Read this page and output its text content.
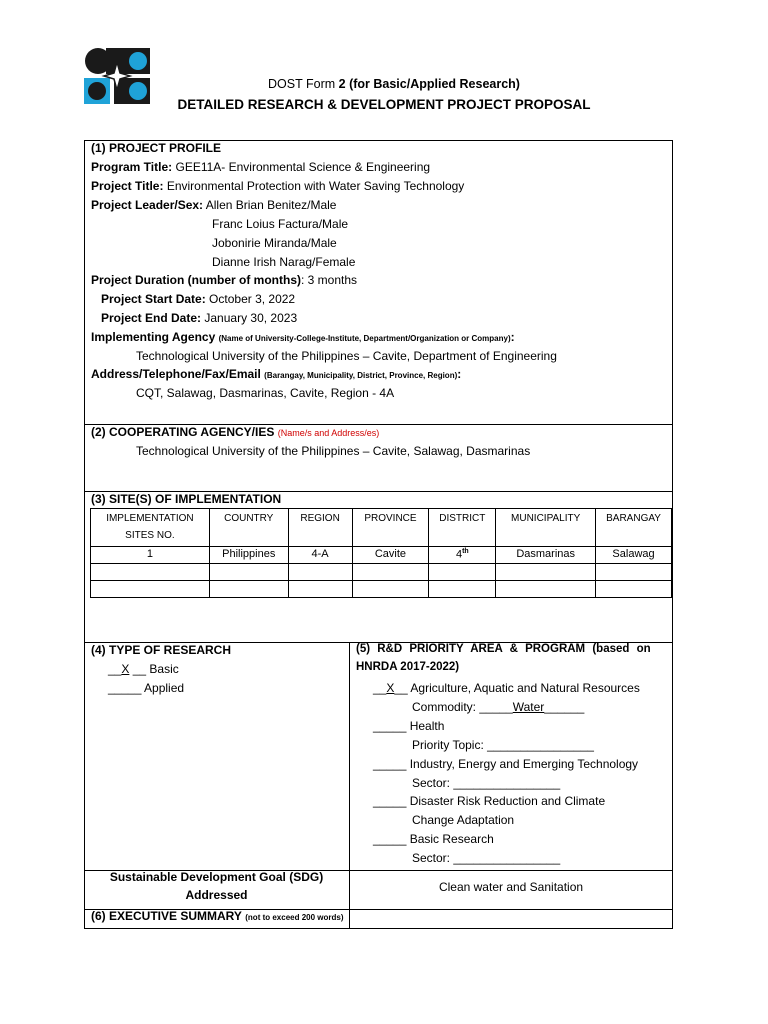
DOST Form 2 (for Basic/Applied Research)
DETAILED RESEARCH & DEVELOPMENT PROJECT PROPOSAL
(1) PROJECT PROFILE
Program Title: GEE11A- Environmental Science & Engineering
Project Title: Environmental Protection with Water Saving Technology
Project Leader/Sex: Allen Brian Benitez/Male
Franc Loius Factura/Male
Jobonirie Miranda/Male
Dianne Irish Narag/Female
Project Duration (number of months): 3 months
Project Start Date: October 3, 2022
Project End Date: January 30, 2023
Implementing Agency (Name of University-College-Institute, Department/Organization or Company):
Technological University of the Philippines – Cavite, Department of Engineering
Address/Telephone/Fax/Email (Barangay, Municipality, District, Province, Region):
CQT, Salawag, Dasmarinas, Cavite, Region - 4A
(2) COOPERATING AGENCY/IES (Name/s and Address/es)
Technological University of the Philippines – Cavite, Salawag, Dasmarinas
(3) SITE(S) OF IMPLEMENTATION
IMPLEMENTATION SITES NO.	COUNTRY	REGION	PROVINCE	DISTRICT	MUNICIPALITY	BARANGAY
1	Philippines	4-A	Cavite	4th	Dasmarinas	Salawag

(4) TYPE OF RESEARCH
__X __ Basic
_____ Applied
(5) R&D PRIORITY AREA & PROGRAM (based on
HNRDA 2017-2022)
__X__ Agriculture, Aquatic and Natural Resources
Commodity: _____Water______
_____ Health
Priority Topic: ________________
_____ Industry, Energy and Emerging Technology
Sector: ________________
_____ Disaster Risk Reduction and Climate
Change Adaptation
_____ Basic Research
Sector: ________________
Sustainable Development Goal (SDG)
Addressed
Clean water and Sanitation
(6) EXECUTIVE SUMMARY (not to exceed 200 words)
